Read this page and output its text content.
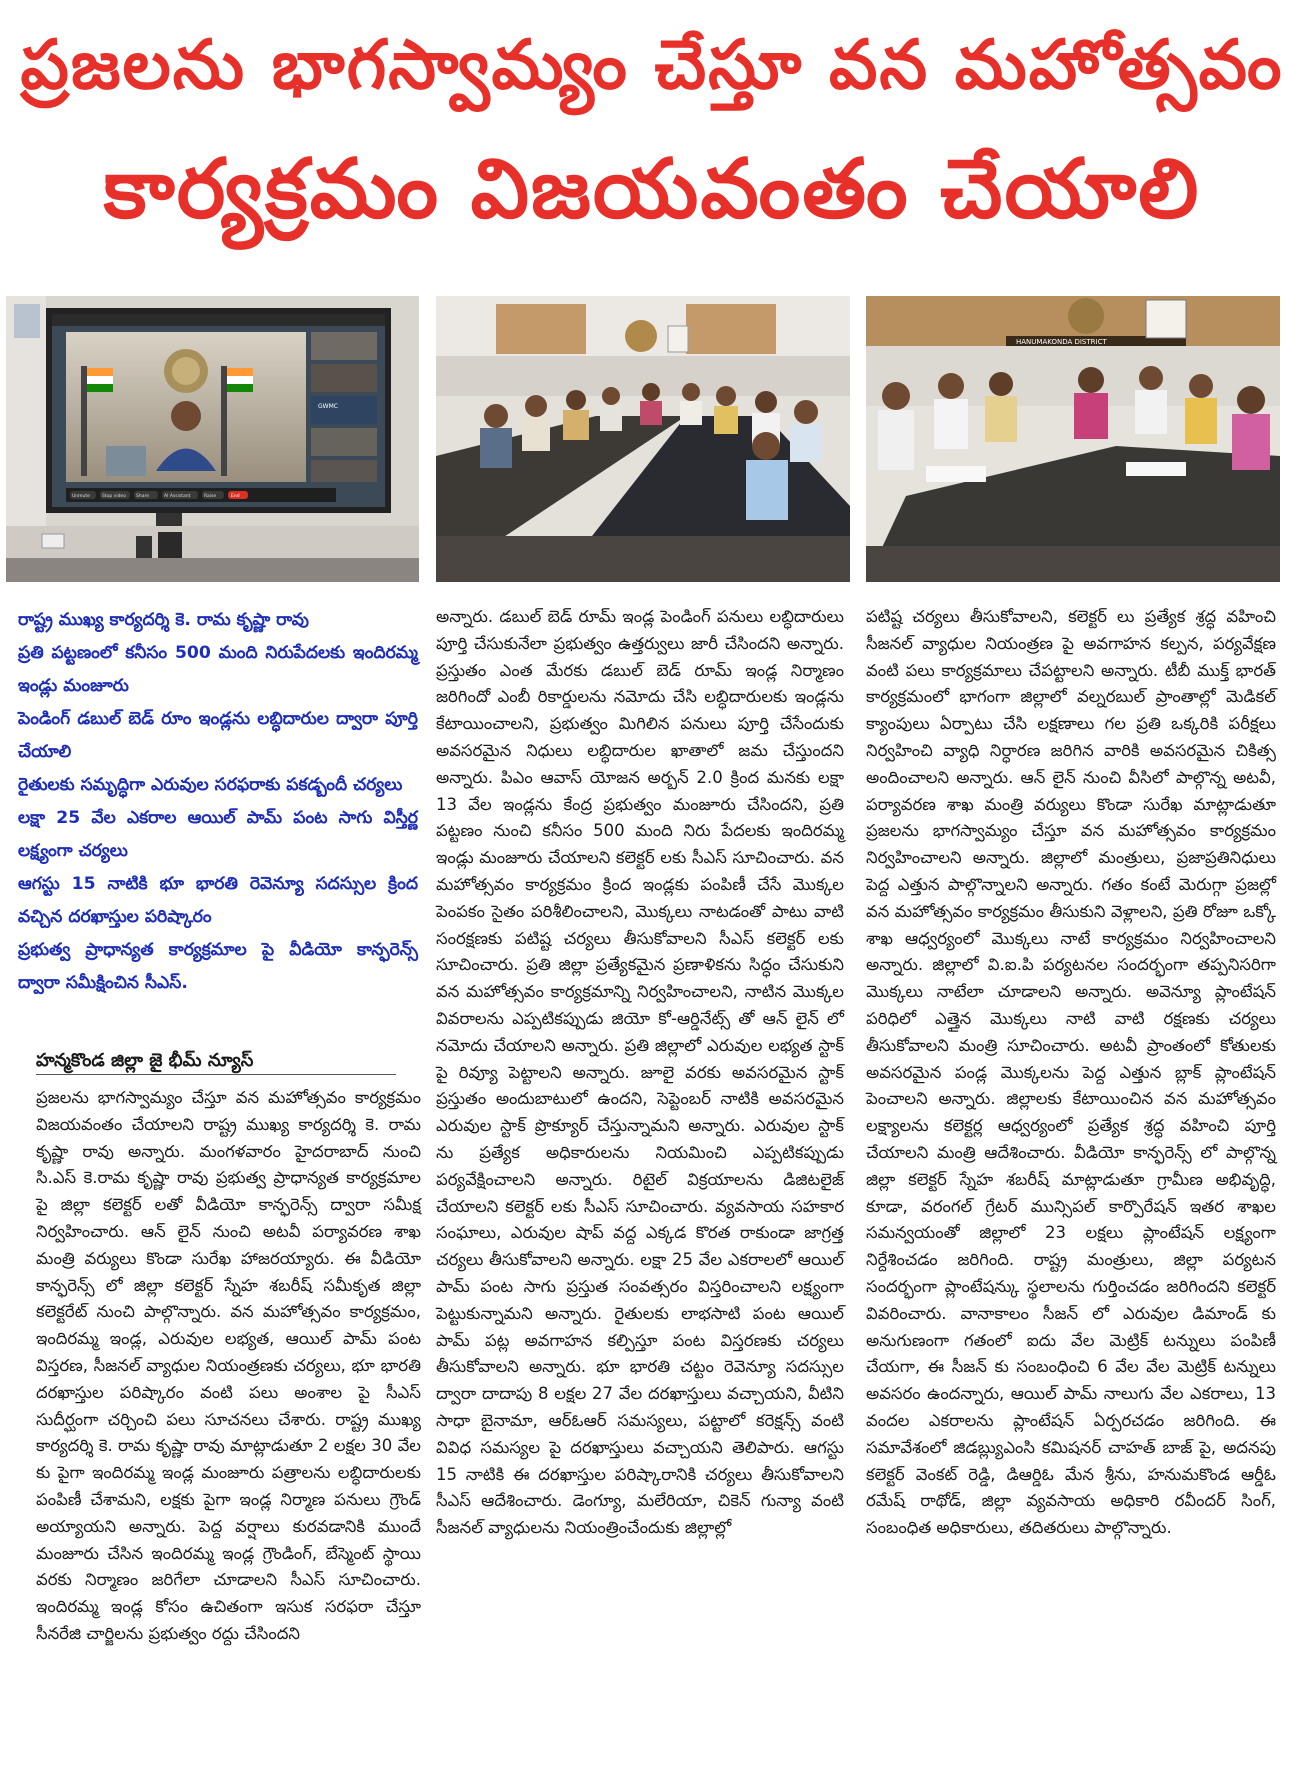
ప్రజలను భాగస్వామ్యం చేస్తూ వన మహోత్సవం
కార్యక్రమం విజయవంతం చేయాలి
GWMC
Unmute	Stop video Share	AI Assistant	Raise	End
HANUMAKONDA DISTRICT

రాష్ట్ర ముఖ్య కార్యదర్శి కె. రామ కృష్ణా రావు

ప్రతి పట్టణంలో కనీసం 500 మంది నిరుపేదలకు ఇందిరమ్మ ఇండ్లు మంజూరు

పెండింగ్ డబుల్ బెడ్ రూం ఇండ్లను లబ్ధిదారుల ద్వారా పూర్తి చేయాలి

రైతులకు సమృద్ధిగా ఎరువుల సరఫరాకు పకడ్బందీ చర్యలు

లక్షా 25 వేల ఎకరాల ఆయిల్ పామ్ పంట సాగు విస్తీర్ణ లక్ష్యంగా చర్యలు

ఆగస్టు 15 నాటికి భూ భారతి రెవెన్యూ సదస్సుల క్రింద వచ్చిన దరఖాస్తుల పరిష్కారం

ప్రభుత్వ ప్రాధాన్యత కార్యక్రమాల పై వీడియో కాన్ఫరెన్స్ ద్వారా సమీక్షించిన సీఎస్.

హన్మకొండ జిల్లా జై భీమ్ న్యూస్

ప్రజలను భాగస్వామ్యం చేస్తూ వన మహోత్సవం కార్యక్రమం విజయవంతం చేయాలని రాష్ట్ర ముఖ్య కార్యదర్శి కె. రామ కృష్ణా రావు అన్నారు. మంగళవారం హైదరాబాద్ నుంచి సి.ఎస్ కె.రామ కృష్ణా రావు ప్రభుత్వ ప్రాధాన్యత కార్యక్రమాల పై జిల్లా కలెక్టర్ లతో వీడియో కాన్ఫరెన్స్ ద్వారా సమీక్ష నిర్వహించారు. ఆన్ లైన్ నుంచి అటవీ పర్యావరణ శాఖ మంత్రి వర్యులు కొండా సురేఖ హాజరయ్యారు. ఈ వీడియో కాన్ఫరెన్స్ లో జిల్లా కలెక్టర్ స్నేహ శబరీష్ సమీకృత జిల్లా కలెక్టరేట్ నుంచి పాల్గొన్నారు. వన మహోత్సవం కార్యక్రమం, ఇందిరమ్మ ఇండ్ల, ఎరువుల లభ్యత, ఆయిల్ పామ్ పంట విస్తరణ, సీజనల్ వ్యాధుల నియంత్రణకు చర్యలు, భూ భారతి దరఖాస్తుల పరిష్కారం వంటి పలు అంశాల పై సీఎస్ సుదీర్ఘంగా చర్చించి పలు సూచనలు చేశారు. రాష్ట్ర ముఖ్య కార్యదర్శి కె. రామ కృష్ణా రావు మాట్లాడుతూ 2 లక్షల 30 వేల కు పైగా ఇందిరమ్మ ఇండ్ల మంజూరు పత్రాలను లబ్ధిదారులకు పంపిణీ చేశామని, లక్షకు పైగా ఇండ్ల నిర్మాణ పనులు గ్రౌండ్ అయ్యాయని అన్నారు. పెద్ద వర్షాలు కురవడానికి ముందే మంజూరు చేసిన ఇందిరమ్మ ఇండ్ల గ్రౌండింగ్, బేస్మెంట్ స్థాయి వరకు నిర్మాణం జరిగేలా చూడాలని సీఎస్ సూచించారు. ఇందిరమ్మ ఇండ్ల కోసం ఉచితంగా ఇసుక సరఫరా చేస్తూ సీనరేజి చార్జిలను ప్రభుత్వం రద్దు చేసిందని

అన్నారు. డబుల్ బెడ్ రూమ్ ఇండ్ల పెండింగ్ పనులు లబ్ధిదారులు పూర్తి చేసుకునేలా ప్రభుత్వం ఉత్తర్వులు జారీ చేసిందని అన్నారు. ప్రస్తుతం ఎంత మేరకు డబుల్ బెడ్ రూమ్ ఇండ్ల నిర్మాణం జరిగిందో ఎంబీ రికార్డులను నమోదు చేసి లబ్ధిదారులకు ఇండ్లను కేటాయించాలని, ప్రభుత్వం మిగిలిన పనులు పూర్తి చేసేందుకు అవసరమైన నిధులు లబ్ధిదారుల ఖాతాలో జమ చేస్తుందని అన్నారు. పిఎం ఆవాస్ యోజన అర్బన్ 2.0 క్రింద మనకు లక్షా 13 వేల ఇండ్లను కేంద్ర ప్రభుత్వం మంజూరు చేసిందని, ప్రతి పట్టణం నుంచి కనీసం 500 మంది నిరు పేదలకు ఇందిరమ్మ ఇండ్లు మంజూరు చేయాలని కలెక్టర్ లకు సీఎస్ సూచించారు. వన మహోత్సవం కార్యక్రమం క్రింద ఇండ్లకు పంపిణీ చేసే మొక్కల పెంపకం సైతం పరిశీలించాలని, మొక్కలు నాటడంతో పాటు వాటి సంరక్షణకు పటిష్ట చర్యలు తీసుకోవాలని సీఎస్ కలెక్టర్ లకు సూచించారు. ప్రతి జిల్లా ప్రత్యేకమైన ప్రణాళికను సిద్ధం చేసుకుని వన మహోత్సవం కార్యక్రమాన్ని నిర్వహించాలని, నాటిన మొక్కల వివరాలను ఎప్పటికప్పుడు జియో కో-ఆర్డినేట్స్ తో ఆన్ లైన్ లో నమోదు చేయాలని అన్నారు. ప్రతి జిల్లాలో ఎరువుల లభ్యత స్టాక్ పై రివ్యూ పెట్టాలని అన్నారు. జూలై వరకు అవసరమైన స్టాక్ ప్రస్తుతం అందుబాటులో ఉందని, సెప్టెంబర్ నాటికి అవసరమైన ఎరువుల స్టాక్ ప్రొక్యూర్ చేస్తున్నామని అన్నారు. ఎరువుల స్టాక్ ను ప్రత్యేక అధికారులను నియమించి ఎప్పటికప్పుడు పర్యవేక్షించాలని అన్నారు. రిటైల్ విక్రయాలను డిజిటలైజ్ చేయాలని కలెక్టర్ లకు సీఎస్ సూచించారు. వ్యవసాయ సహకార సంఘాలు, ఎరువుల షాప్ వద్ద ఎక్కడ కొరత రాకుండా జాగ్రత్త చర్యలు తీసుకోవాలని అన్నారు. లక్షా 25 వేల ఎకరాలలో ఆయిల్ పామ్ పంట సాగు ప్రస్తుత సంవత్సరం విస్తరించాలని లక్ష్యంగా పెట్టుకున్నామని అన్నారు. రైతులకు లాభసాటి పంట ఆయిల్ పామ్ పట్ల అవగాహన కల్పిస్తూ పంట విస్తరణకు చర్యలు తీసుకోవాలని అన్నారు. భూ భారతి చట్టం రెవెన్యూ సదస్సుల ద్వారా దాదాపు 8 లక్షల 27 వేల దరఖాస్తులు వచ్చాయని, వీటిని సాధా బైనామా, ఆర్ఓఆర్ సమస్యలు, పట్టాలో కరెక్షన్స్ వంటి వివిధ సమస్యల పై దరఖాస్తులు వచ్చాయని తెలిపారు. ఆగస్టు 15 నాటికి ఈ దరఖాస్తుల పరిష్కారానికి చర్యలు తీసుకోవాలని సీఎస్ ఆదేశించారు. డెంగ్యూ, మలేరియా, చికెన్ గున్యా వంటి సీజనల్ వ్యాధులను నియంత్రించేందుకు జిల్లాల్లో

పటిష్ట చర్యలు తీసుకోవాలని, కలెక్టర్ లు ప్రత్యేక శ్రద్ధ వహించి సీజనల్ వ్యాధుల నియంత్రణ పై అవగాహన కల్పన, పర్యవేక్షణ వంటి పలు కార్యక్రమాలు చేపట్టాలని అన్నారు. టీబీ ముక్త్ భారత్ కార్యక్రమంలో భాగంగా జిల్లాలో వల్నరబుల్ ప్రాంతాల్లో మెడికల్ క్యాంపులు ఏర్పాటు చేసి లక్షణాలు గల ప్రతి ఒక్కరికి పరీక్షలు నిర్వహించి వ్యాధి నిర్ధారణ జరిగిన వారికి అవసరమైన చికిత్స అందించాలని అన్నారు. ఆన్ లైన్ నుంచి వీసిలో పాల్గొన్న అటవీ, పర్యావరణ శాఖ మంత్రి వర్యులు కొండా సురేఖ మాట్లాడుతూ ప్రజలను భాగస్వామ్యం చేస్తూ వన మహోత్సవం కార్యక్రమం నిర్వహించాలని అన్నారు. జిల్లాలో మంత్రులు, ప్రజాప్రతినిధులు పెద్ద ఎత్తున పాల్గొన్నాలని అన్నారు. గతం కంటే మెరుగ్గా ప్రజల్లో వన మహోత్సవం కార్యక్రమం తీసుకుని వెళ్లాలని, ప్రతి రోజూ ఒక్కో శాఖ ఆధ్వర్యంలో మొక్కలు నాటే కార్యక్రమం నిర్వహించాలని అన్నారు. జిల్లాలో వి.ఐ.పి పర్యటనల సందర్భంగా తప్పనిసరిగా మొక్కలు నాటేలా చూడాలని అన్నారు. అవెన్యూ ప్లాంటేషన్ పరిధిలో ఎత్తైన మొక్కలు నాటి వాటి రక్షణకు చర్యలు తీసుకోవాలని మంత్రి సూచించారు. అటవీ ప్రాంతంలో కోతులకు అవసరమైన పండ్ల మొక్కలను పెద్ద ఎత్తున బ్లాక్ ప్లాంటేషన్ పెంచాలని అన్నారు. జిల్లాలకు కేటాయించిన వన మహోత్సవం లక్ష్యాలను కలెక్టర్ల ఆధ్వర్యంలో ప్రత్యేక శ్రద్ధ వహించి పూర్తి చేయాలని మంత్రి ఆదేశించారు. వీడియో కాన్ఫరెన్స్ లో పాల్గొన్న జిల్లా కలెక్టర్ స్నేహ శబరీష్ మాట్లాడుతూ గ్రామీణ అభివృద్ధి, కూడా, వరంగల్ గ్రేటర్ మున్సిపల్ కార్పొరేషన్ ఇతర శాఖల సమన్వయంతో జిల్లాలో 23 లక్షలు ప్లాంటేషన్ లక్ష్యంగా నిర్దేశించడం జరిగింది. రాష్ట్ర మంత్రులు, జిల్లా పర్యటన సందర్భంగా ప్లాంటేషన్కు స్థలాలను గుర్తించడం జరిగిందని కలెక్టర్ వివరించారు. వానాకాలం సీజన్ లో ఎరువుల డిమాండ్ కు అనుగుణంగా గతంలో ఐదు వేల మెట్రిక్ టన్నులు పంపిణీ చేయగా, ఈ సీజన్ కు సంబంధించి 6 వేల వేల మెట్రిక్ టన్నులు అవసరం ఉందన్నారు, ఆయిల్ పామ్ నాలుగు వేల ఎకరాలు, 13 వందల ఎకరాలను ప్లాంటేషన్ ఏర్పరచడం జరిగింది. ఈ సమావేశంలో జిడబ్ల్యుఎంసి కమిషనర్ చాహత్ బాజ్ పై, అదనపు కలెక్టర్ వెంకట్ రెడ్డి, డిఆర్డిఓ మేన శ్రీను, హనుమకొండ ఆర్డీఓ రమేష్ రాథోడ్, జిల్లా వ్యవసాయ అధికారి రవీందర్ సింగ్, సంబంధిత అధికారులు, తదితరులు పాల్గొన్నారు.
